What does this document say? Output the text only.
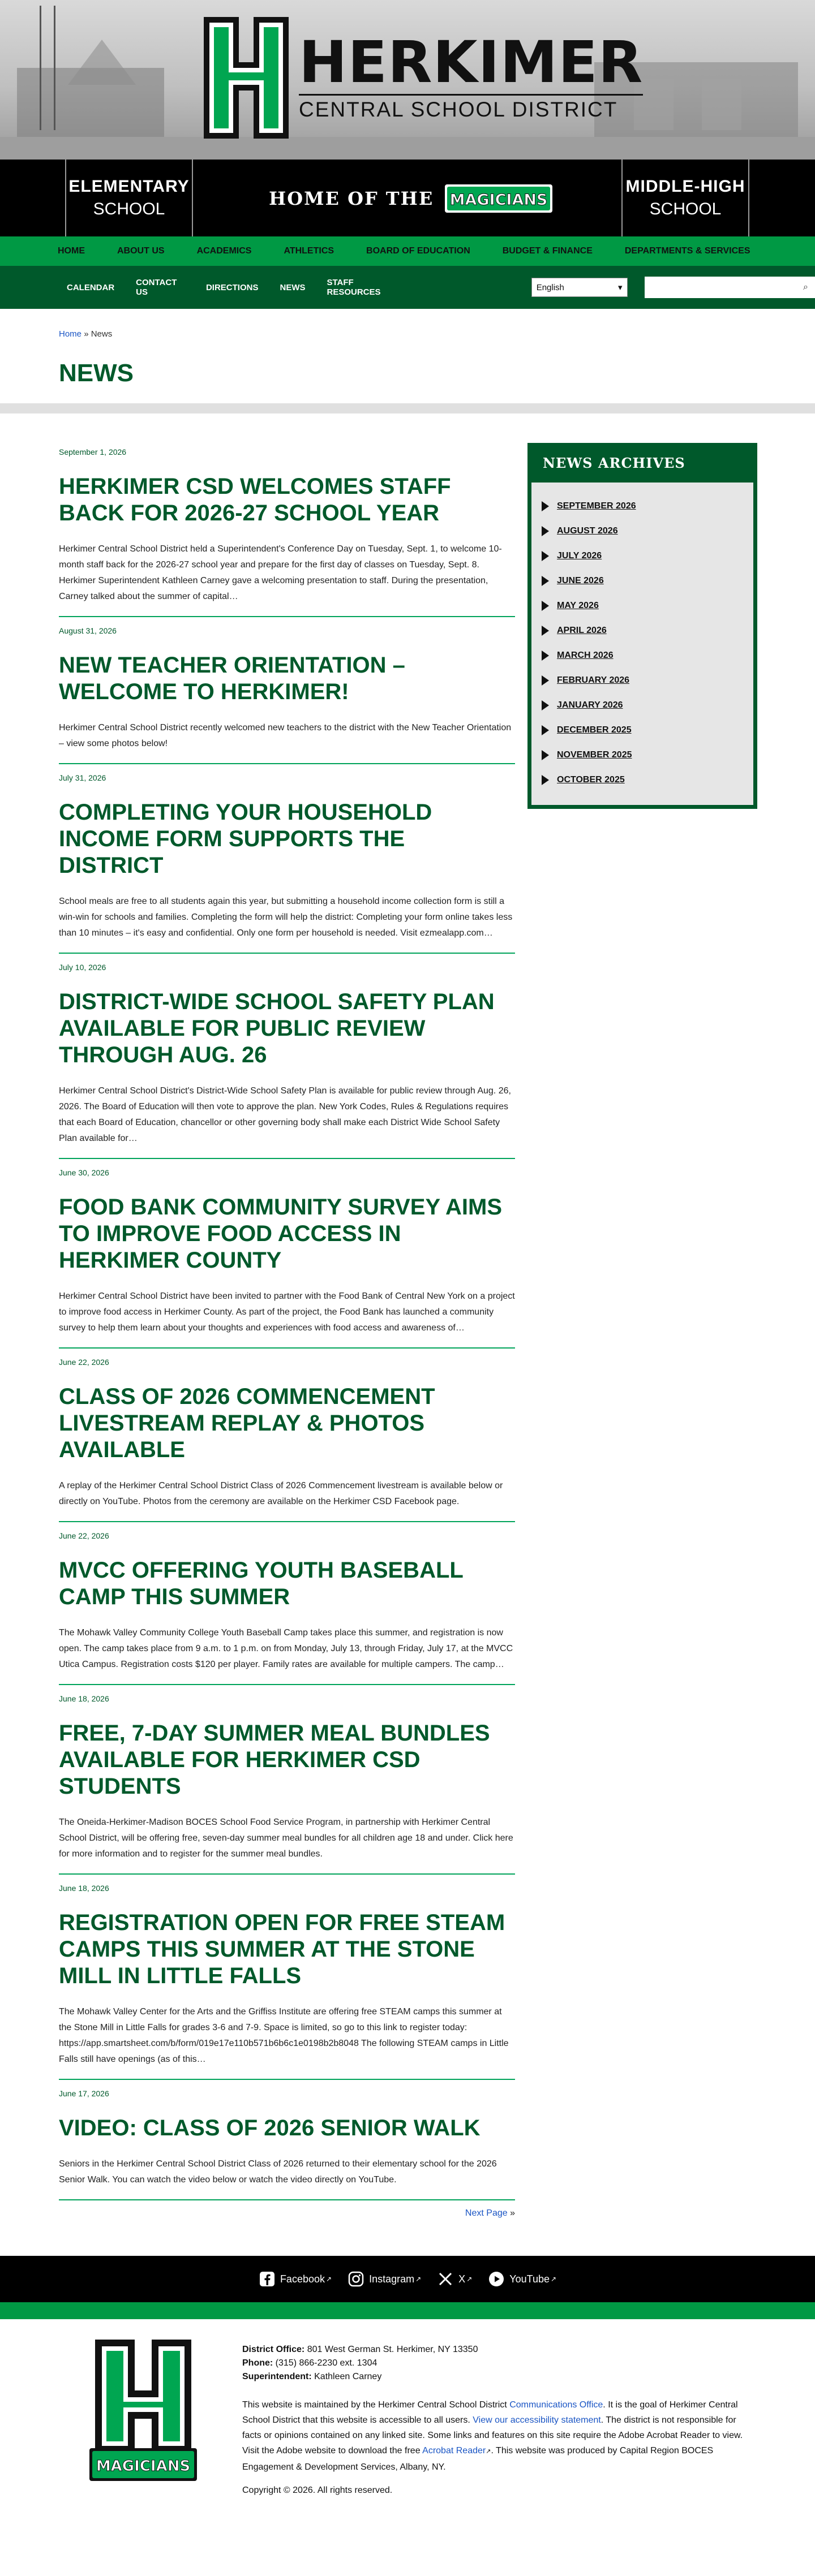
HERKIMER
CENTRAL SCHOOL DISTRICT
ELEMENTARY
SCHOOL	HOME OF THE MAGICIANS
MIDDLE-HIGH
SCHOOL
HOME	ABOUT US	ACADEMICS	ATHLETICS	BOARD OF EDUCATION	BUDGET & FINANCE	DEPARTMENTS & SERVICES
CALENDAR	CONTACT US	DIRECTIONS	NEWS	STAFF RESOURCES	English	▾	⌕
Home » News
NEWS
September 1, 2026
HERKIMER CSD WELCOMES STAFF BACK FOR 2026-27 SCHOOL YEAR

Herkimer Central School District held a Superintendent's Conference Day on Tuesday, Sept. 1, to welcome 10-month staff back for the 2026-27 school year and prepare for the first day of classes on Tuesday, Sept. 8. Herkimer Superintendent Kathleen Carney gave a welcoming presentation to staff. During the presentation, Carney talked about the summer of capital…

August 31, 2026
NEW TEACHER ORIENTATION – WELCOME TO HERKIMER!

Herkimer Central School District recently welcomed new teachers to the district with the New Teacher Orientation – view some photos below!

July 31, 2026
COMPLETING YOUR HOUSEHOLD INCOME FORM SUPPORTS THE DISTRICT

School meals are free to all students again this year, but submitting a household income collection form is still a win-win for schools and families. Completing the form will help the district: Completing your form online takes less than 10 minutes – it's easy and confidential. Only one form per household is needed. Visit ezmealapp.com…

July 10, 2026
DISTRICT-WIDE SCHOOL SAFETY PLAN AVAILABLE FOR PUBLIC REVIEW THROUGH AUG. 26

Herkimer Central School District's District-Wide School Safety Plan is available for public review through Aug. 26, 2026. The Board of Education will then vote to approve the plan. New York Codes, Rules & Regulations requires that each Board of Education, chancellor or other governing body shall make each District Wide School Safety Plan available for…

June 30, 2026
FOOD BANK COMMUNITY SURVEY AIMS TO IMPROVE FOOD ACCESS IN HERKIMER COUNTY

Herkimer Central School District have been invited to partner with the Food Bank of Central New York on a project to improve food access in Herkimer County. As part of the project, the Food Bank has launched a community survey to help them learn about your thoughts and experiences with food access and awareness of…

June 22, 2026
CLASS OF 2026 COMMENCEMENT LIVESTREAM REPLAY & PHOTOS AVAILABLE

A replay of the Herkimer Central School District Class of 2026 Commencement livestream is available below or directly on YouTube. Photos from the ceremony are available on the Herkimer CSD Facebook page.

June 22, 2026
MVCC OFFERING YOUTH BASEBALL CAMP THIS SUMMER

The Mohawk Valley Community College Youth Baseball Camp takes place this summer, and registration is now open. The camp takes place from 9 a.m. to 1 p.m. on from Monday, July 13, through Friday, July 17, at the MVCC Utica Campus. Registration costs $120 per player. Family rates are available for multiple campers. The camp…

June 18, 2026
FREE, 7-DAY SUMMER MEAL BUNDLES AVAILABLE FOR HERKIMER CSD STUDENTS

The Oneida-Herkimer-Madison BOCES School Food Service Program, in partnership with Herkimer Central School District, will be offering free, seven-day summer meal bundles for all children age 18 and under. Click here for more information and to register for the summer meal bundles.

June 18, 2026
REGISTRATION OPEN FOR FREE STEAM CAMPS THIS SUMMER AT THE STONE MILL IN LITTLE FALLS

The Mohawk Valley Center for the Arts and the Griffiss Institute are offering free STEAM camps this summer at the Stone Mill in Little Falls for grades 3-6 and 7-9. Space is limited, so go to this link to register today: https://app.smartsheet.com/b/form/019e17e110b571b6b6c1e0198b2b8048 The following STEAM camps in Little Falls still have openings (as of this…

June 17, 2026
VIDEO: CLASS OF 2026 SENIOR WALK

Seniors in the Herkimer Central School District Class of 2026 returned to their elementary school for the 2026 Senior Walk. You can watch the video below or watch the video directly on YouTube.

Next Page »
NEWS ARCHIVES
SEPTEMBER 2026
AUGUST 2026
JULY 2026
JUNE 2026
MAY 2026
APRIL 2026
MARCH 2026
FEBRUARY 2026
JANUARY 2026
DECEMBER 2025
NOVEMBER 2025
OCTOBER 2025
Facebook ↗	Instagram ↗	X ↗	YouTube ↗
MAGICIANS
District Office: 801 West German St. Herkimer, NY 13350
Phone: (315) 866-2230 ext. 1304
Superintendent: Kathleen Carney
This website is maintained by the Herkimer Central School District Communications Office. It is the goal of Herkimer Central School District that this website is accessible to all users. View our accessibility statement. The district is not responsible for facts or opinions contained on any linked site. Some links and features on this site require the Adobe Acrobat Reader to view. Visit the Adobe website to download the free Acrobat Reader↗. This website was produced by Capital Region BOCES Engagement & Development Services, Albany, NY.
Copyright © 2026. All rights reserved.
